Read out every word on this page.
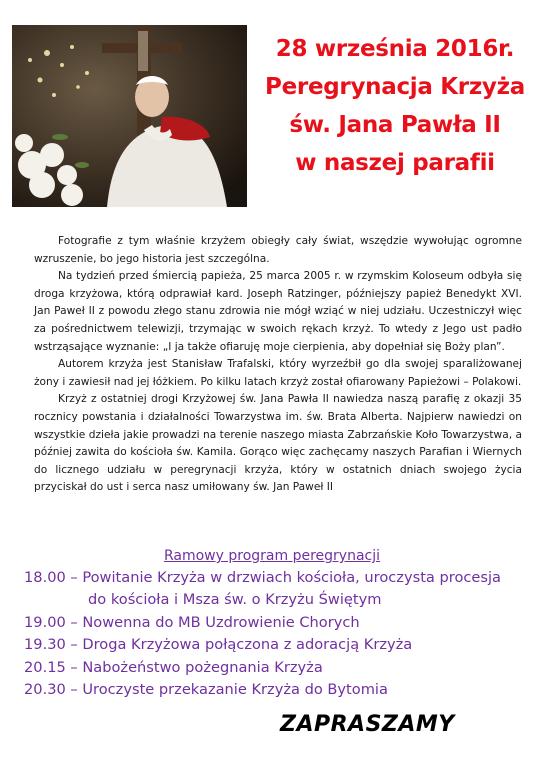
28 września 2016r.
Peregrynacja Krzyża
św. Jana Pawła II
w naszej parafii

Fotografie z tym właśnie krzyżem obiegły cały świat, wszędzie wywołując ogromne wzruszenie, bo jego historia jest szczególna.

Na tydzień przed śmiercią papieża, 25 marca 2005 r. w rzymskim Koloseum odbyła się droga krzyżowa, którą odprawiał kard. Joseph Ratzinger, późniejszy papież Benedykt XVI. Jan Paweł II z powodu złego stanu zdrowia nie mógł wziąć w niej udziału. Uczestniczył więc za pośrednictwem telewizji, trzymając w swoich rękach krzyż. To wtedy z Jego ust padło wstrząsające wyznanie: „I ja także ofiaruję moje cierpienia, aby dopełniał się Boży plan”.

Autorem krzyża jest Stanisław Trafalski, który wyrzeźbił go dla swojej sparaliżowanej żony i zawiesił nad jej łóżkiem. Po kilku latach krzyż został ofiarowany Papieżowi – Polakowi.

Krzyż z ostatniej drogi Krzyżowej św. Jana Pawła II nawiedza naszą parafię z okazji 35 rocznicy powstania i działalności Towarzystwa im. św. Brata Alberta. Najpierw nawiedzi on wszystkie dzieła jakie prowadzi na terenie naszego miasta Zabrzańskie Koło Towarzystwa, a później zawita do kościoła św. Kamila. Gorąco więc zachęcamy naszych Parafian i Wiernych do licznego udziału w peregrynacji krzyża, który w ostatnich dniach swojego życia przyciskał do ust i serca nasz umiłowany św. Jan Paweł II

Ramowy program peregrynacji
18.00 – Powitanie Krzyża w drzwiach kościoła, uroczysta procesja
do kościoła i Msza św. o Krzyżu Świętym
19.00 – Nowenna do MB Uzdrowienie Chorych
19.30 – Droga Krzyżowa połączona z adoracją Krzyża
20.15 – Nabożeństwo pożegnania Krzyża
20.30 – Uroczyste przekazanie Krzyża do Bytomia
ZAPRASZAMY
